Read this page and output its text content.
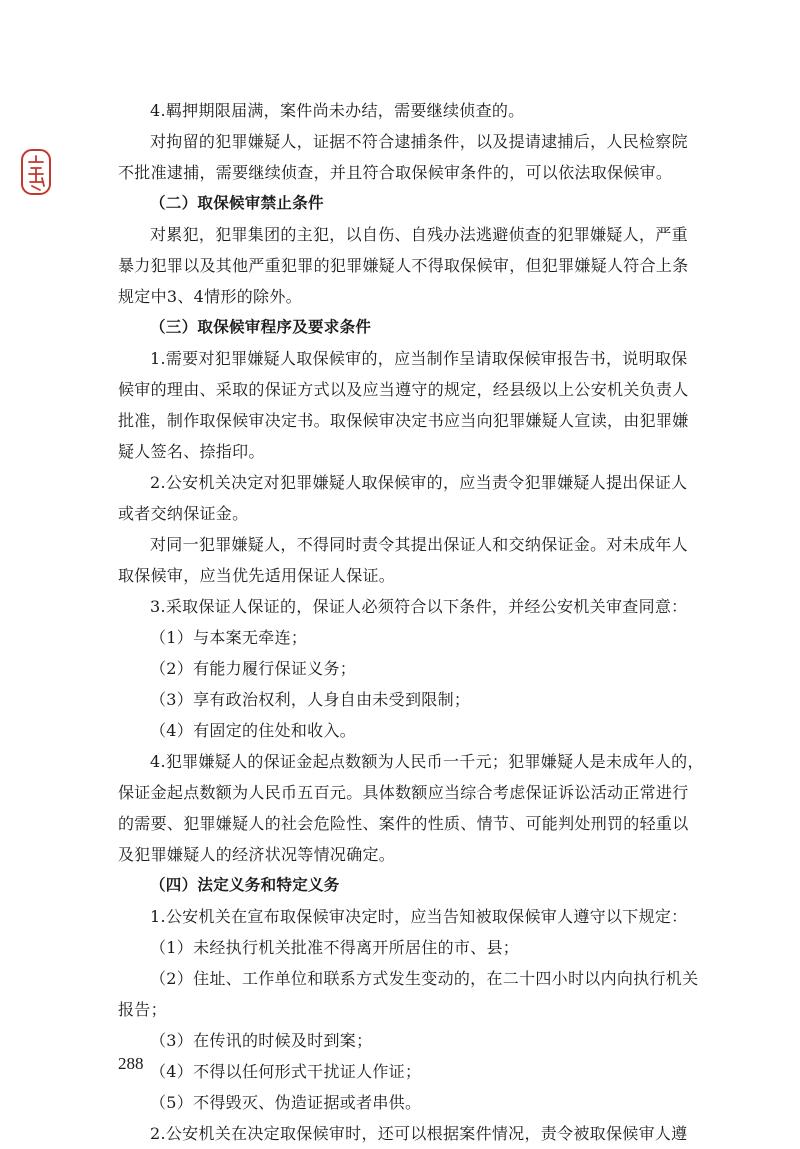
4.羁押期限届满，案件尚未办结，需要继续侦查的。
对拘留的犯罪嫌疑人，证据不符合逮捕条件，以及提请逮捕后，人民检察院
不批准逮捕，需要继续侦查，并且符合取保候审条件的，可以依法取保候审。
（二）取保候审禁止条件
对累犯，犯罪集团的主犯，以自伤、自残办法逃避侦查的犯罪嫌疑人，严重
暴力犯罪以及其他严重犯罪的犯罪嫌疑人不得取保候审，但犯罪嫌疑人符合上条
规定中3、4情形的除外。
（三）取保候审程序及要求条件
1.需要对犯罪嫌疑人取保候审的，应当制作呈请取保候审报告书，说明取保
候审的理由、采取的保证方式以及应当遵守的规定，经县级以上公安机关负责人
批准，制作取保候审决定书。取保候审决定书应当向犯罪嫌疑人宣读，由犯罪嫌
疑人签名、捺指印。
2.公安机关决定对犯罪嫌疑人取保候审的，应当责令犯罪嫌疑人提出保证人
或者交纳保证金。
对同一犯罪嫌疑人，不得同时责令其提出保证人和交纳保证金。对未成年人
取保候审，应当优先适用保证人保证。
3.采取保证人保证的，保证人必须符合以下条件，并经公安机关审查同意：
（1）与本案无牵连；
（2）有能力履行保证义务；
（3）享有政治权利，人身自由未受到限制；
（4）有固定的住处和收入。
4.犯罪嫌疑人的保证金起点数额为人民币一千元；犯罪嫌疑人是未成年人的，
保证金起点数额为人民币五百元。具体数额应当综合考虑保证诉讼活动正常进行
的需要、犯罪嫌疑人的社会危险性、案件的性质、情节、可能判处刑罚的轻重以
及犯罪嫌疑人的经济状况等情况确定。
（四）法定义务和特定义务
1.公安机关在宣布取保候审决定时，应当告知被取保候审人遵守以下规定：
（1）未经执行机关批准不得离开所居住的市、县；
（2）住址、工作单位和联系方式发生变动的，在二十四小时以内向执行机关
报告；
（3）在传讯的时候及时到案；
（4）不得以任何形式干扰证人作证；
（5）不得毁灭、伪造证据或者串供。
2.公安机关在决定取保候审时，还可以根据案件情况，责令被取保候审人遵
288
